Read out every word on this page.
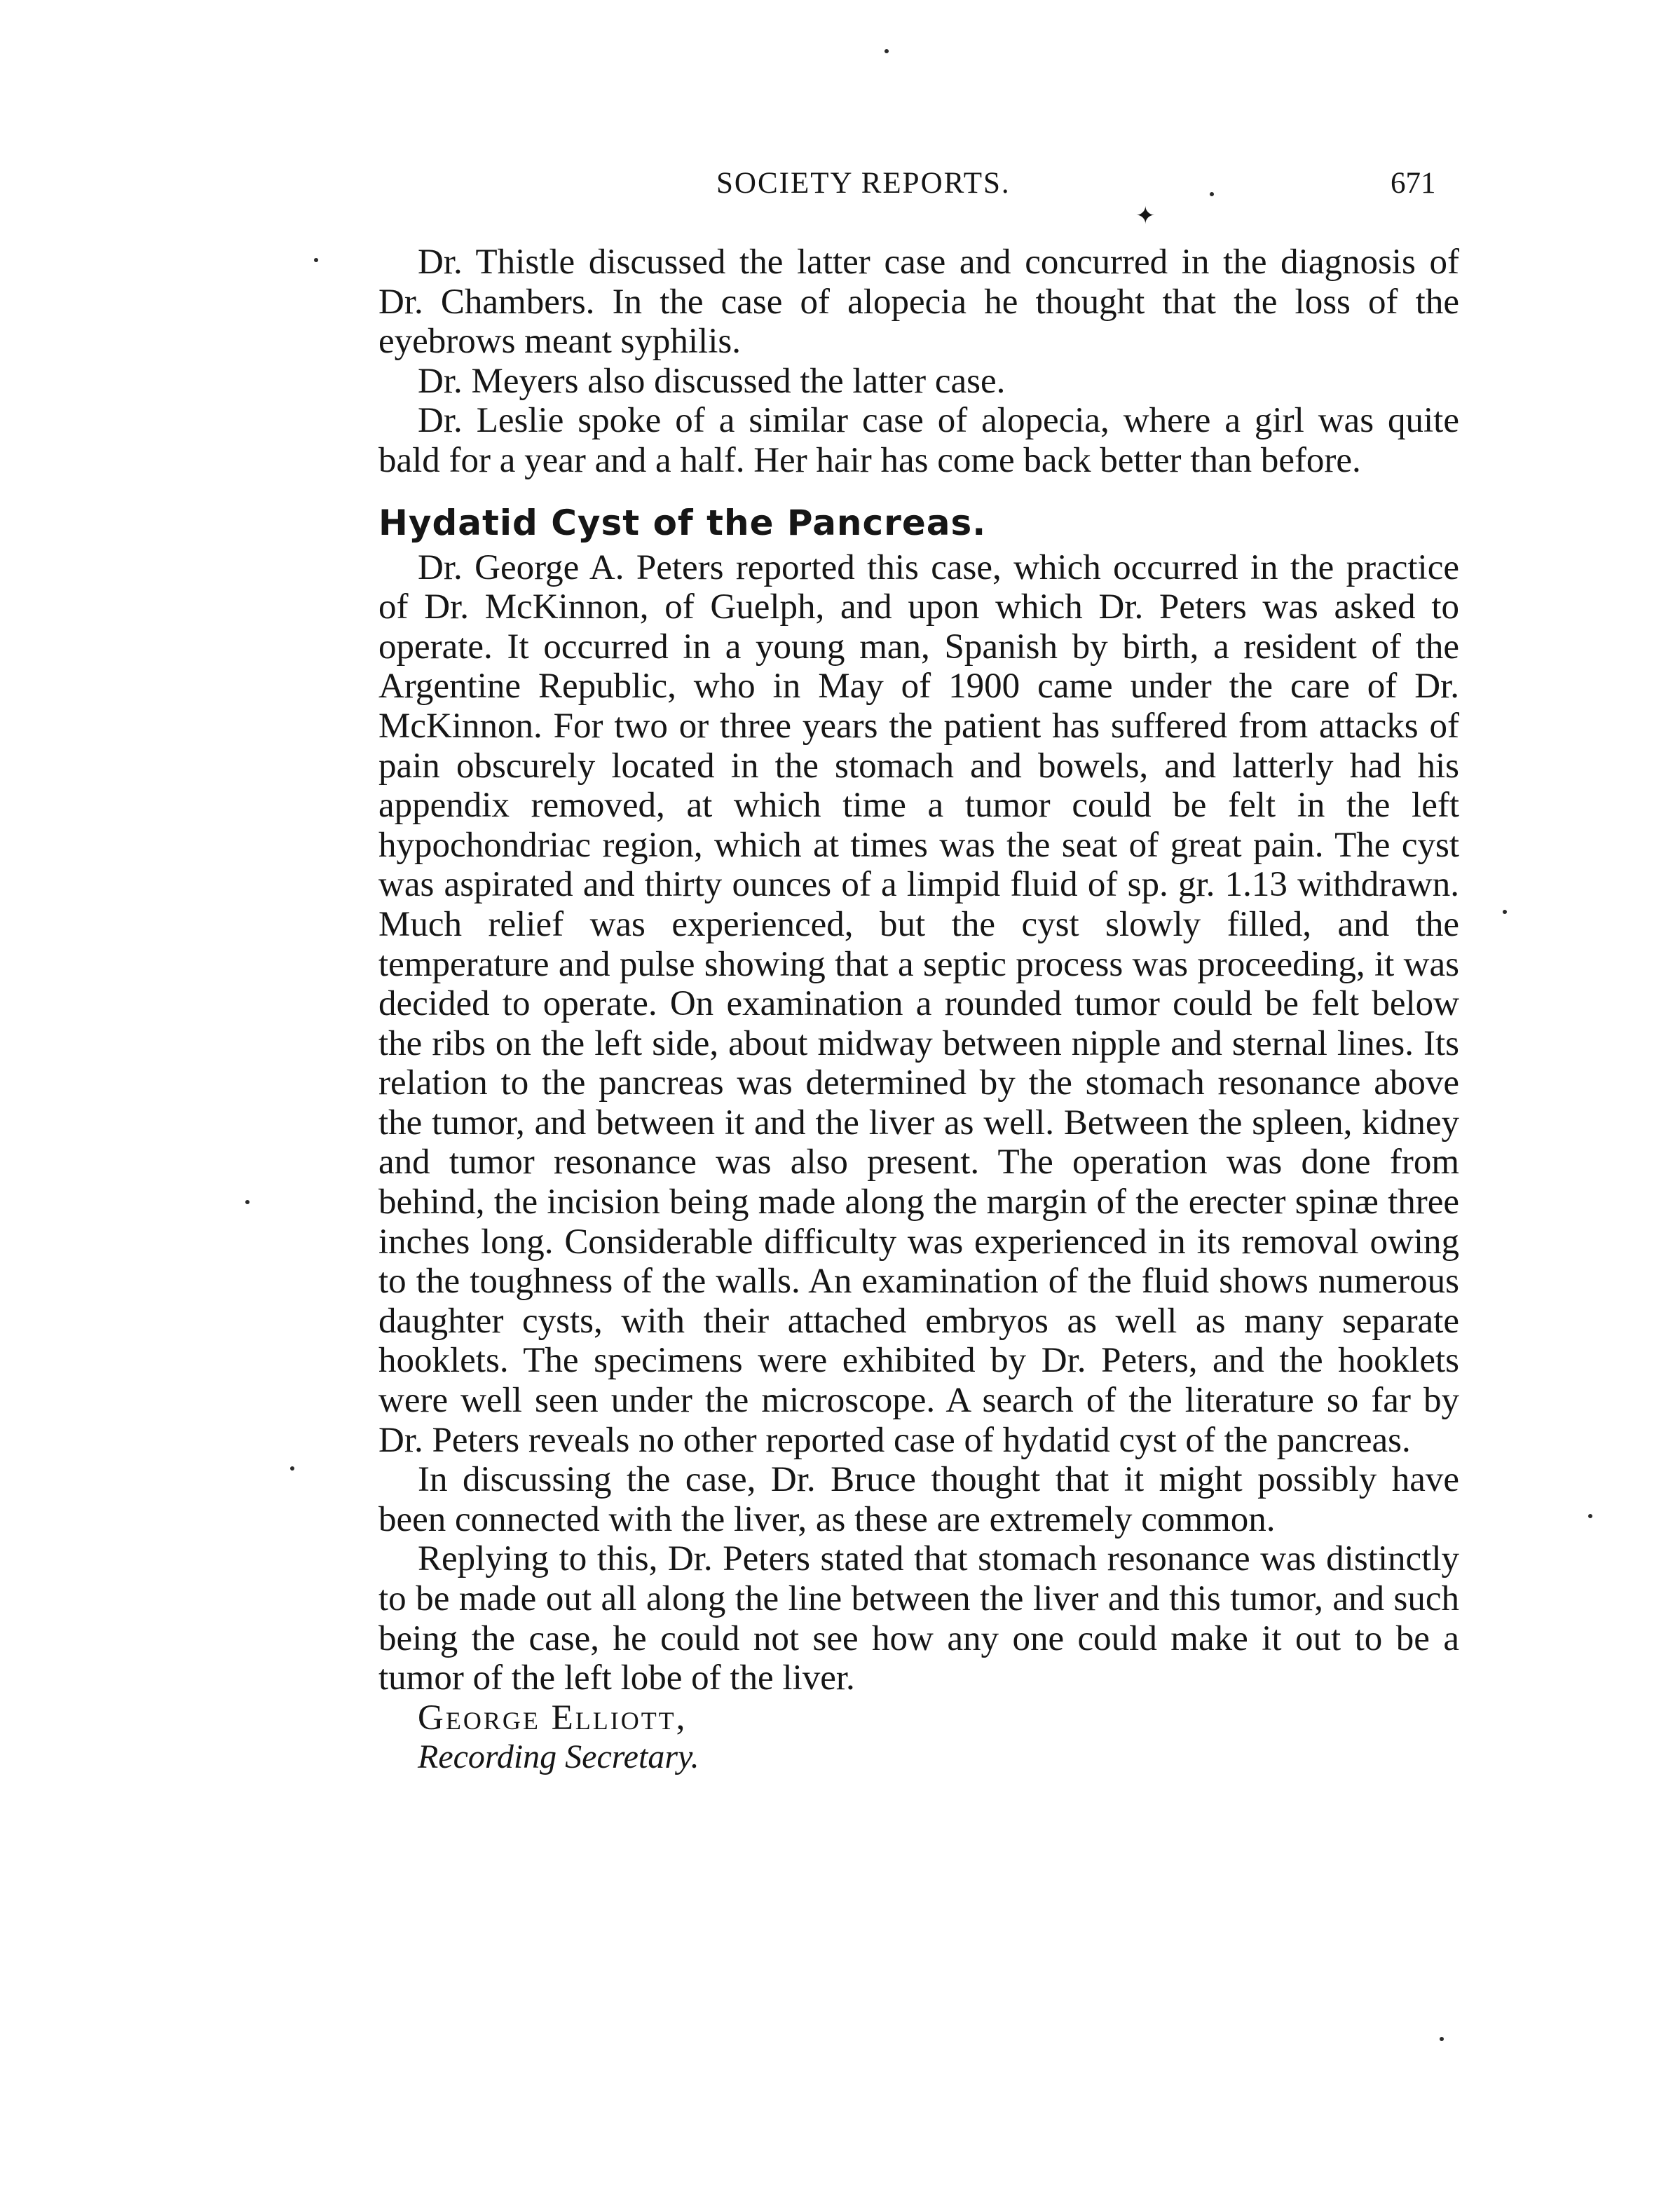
SOCIETY REPORTS.	671
✦

Dr. Thistle discussed the latter case and concurred in the diagnosis of Dr. Chambers. In the case of alopecia he thought that the loss of the eyebrows meant syphilis.

Dr. Meyers also discussed the latter case.

Dr. Leslie spoke of a similar case of alopecia, where a girl was quite bald for a year and a half. Her hair has come back better than before.

Hydatid Cyst of the Pancreas.

Dr. George A. Peters reported this case, which occurred in the practice of Dr. McKinnon, of Guelph, and upon which Dr. Peters was asked to operate. It occurred in a young man, Spanish by birth, a resident of the Argentine Republic, who in May of 1900 came under the care of Dr. McKinnon. For two or three years the patient has suffered from attacks of pain obscurely located in the stomach and bowels, and latterly had his appendix removed, at which time a tumor could be felt in the left hypochondriac region, which at times was the seat of great pain. The cyst was aspirated and thirty ounces of a limpid fluid of sp. gr. 1.13 withdrawn. Much relief was experienced, but the cyst slowly filled, and the temperature and pulse showing that a septic process was proceeding, it was decided to operate. On examination a rounded tumor could be felt below the ribs on the left side, about midway between nipple and sternal lines. Its relation to the pancreas was determined by the stomach resonance above the tumor, and between it and the liver as well. Between the spleen, kidney and tumor resonance was also present. The operation was done from behind, the incision being made along the margin of the erecter spinæ three inches long. Considerable difficulty was experienced in its removal owing to the toughness of the walls. An examination of the fluid shows numerous daughter cysts, with their attached embryos as well as many separate hooklets. The specimens were exhibited by Dr. Peters, and the hooklets were well seen under the microscope. A search of the literature so far by Dr. Peters reveals no other reported case of hydatid cyst of the pancreas.

In discussing the case, Dr. Bruce thought that it might possibly have been connected with the liver, as these are extremely common.

Replying to this, Dr. Peters stated that stomach resonance was distinctly to be made out all along the line between the liver and this tumor, and such being the case, he could not see how any one could make it out to be a tumor of the left lobe of the liver.

George Elliott,

Recording Secretary.
